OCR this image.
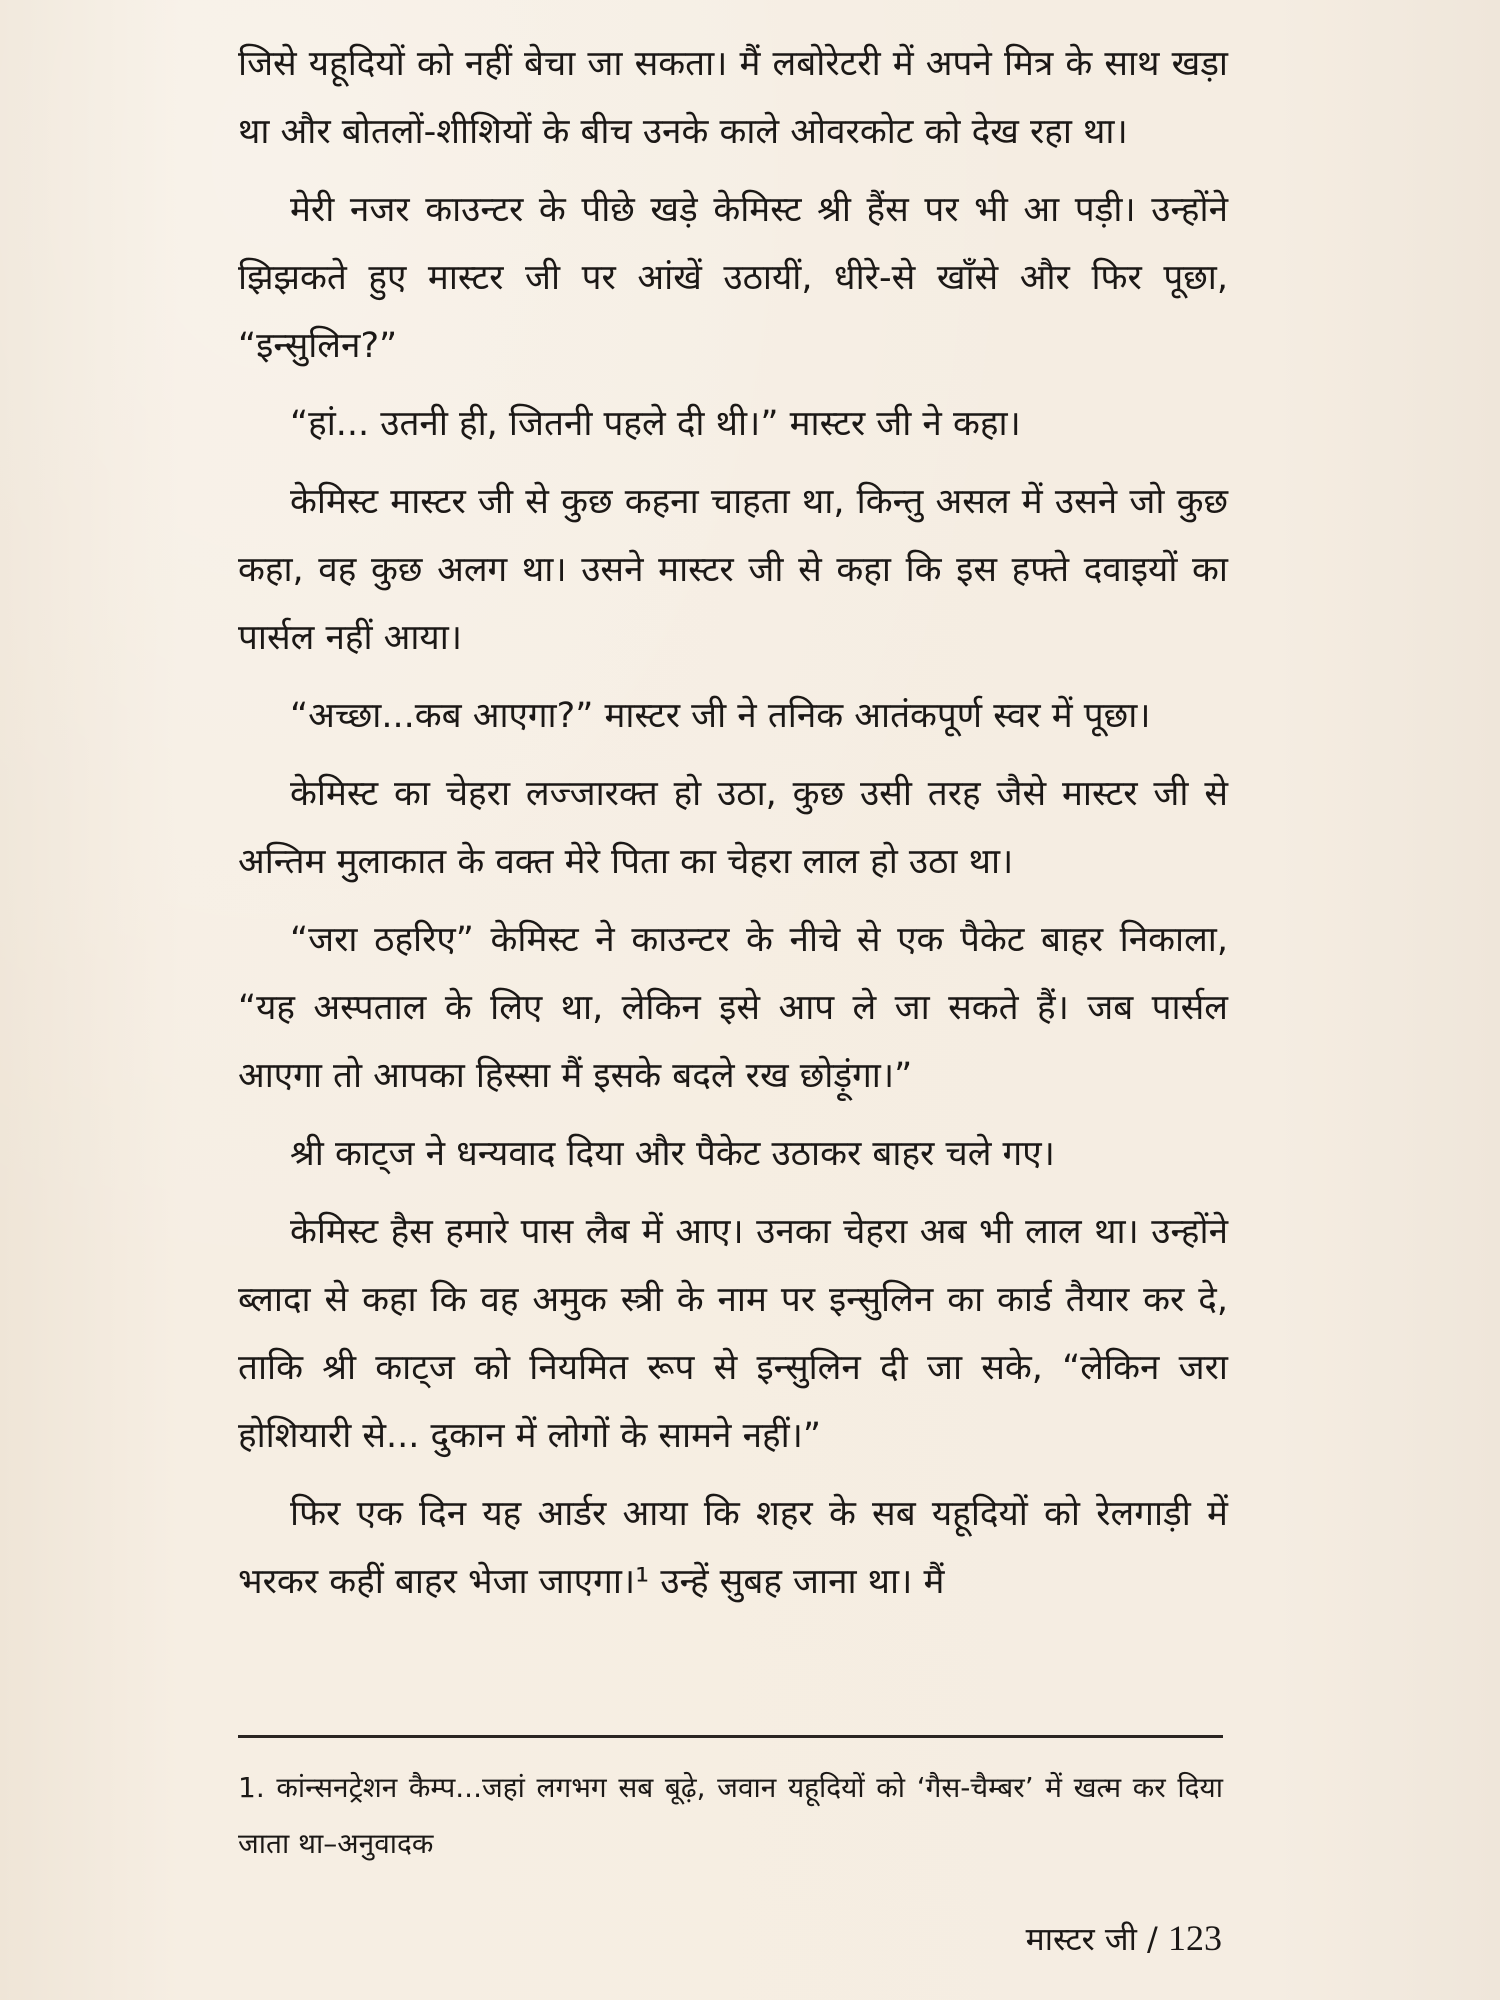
जिसे यहूदियों को नहीं बेचा जा सकता। मैं लबोरेटरी में अपने मित्र के साथ खड़ा था और बोतलों-शीशियों के बीच उनके काले ओवरकोट को देख रहा था।

मेरी नजर काउन्टर के पीछे खड़े केमिस्ट श्री हैंस पर भी आ पड़ी। उन्होंने झिझकते हुए मास्टर जी पर आंखें उठायीं, धीरे-से खाँसे और फिर पूछा, “इन्सुलिन?”

“हां... उतनी ही, जितनी पहले दी थी।” मास्टर जी ने कहा।

केमिस्ट मास्टर जी से कुछ कहना चाहता था, किन्तु असल में उसने जो कुछ कहा, वह कुछ अलग था। उसने मास्टर जी से कहा कि इस हफ्ते दवाइयों का पार्सल नहीं आया।

“अच्छा...कब आएगा?” मास्टर जी ने तनिक आतंकपूर्ण स्वर में पूछा।

केमिस्ट का चेहरा लज्जारक्त हो उठा, कुछ उसी तरह जैसे मास्टर जी से अन्तिम मुलाकात के वक्त मेरे पिता का चेहरा लाल हो उठा था।

“जरा ठहरिए” केमिस्ट ने काउन्टर के नीचे से एक पैकेट बाहर निकाला, “यह अस्पताल के लिए था, लेकिन इसे आप ले जा सकते हैं। जब पार्सल आएगा तो आपका हिस्सा मैं इसके बदले रख छोड़ूंगा।”

श्री काट्ज ने धन्यवाद दिया और पैकेट उठाकर बाहर चले गए।

केमिस्ट हैस हमारे पास लैब में आए। उनका चेहरा अब भी लाल था। उन्होंने ब्लादा से कहा कि वह अमुक स्त्री के नाम पर इन्सुलिन का कार्ड तैयार कर दे, ताकि श्री काट्ज को नियमित रूप से इन्सुलिन दी जा सके, “लेकिन जरा होशियारी से... दुकान में लोगों के सामने नहीं।”

फिर एक दिन यह आर्डर आया कि शहर के सब यहूदियों को रेलगाड़ी में भरकर कहीं बाहर भेजा जाएगा।¹ उन्हें सुबह जाना था। मैं

1. कांन्सनट्रेशन कैम्प...जहां लगभग सब बूढ़े, जवान यहूदियों को ‘गैस-चैम्बर’ में खत्म कर दिया जाता था–अनुवादक

मास्टर जी / 123
